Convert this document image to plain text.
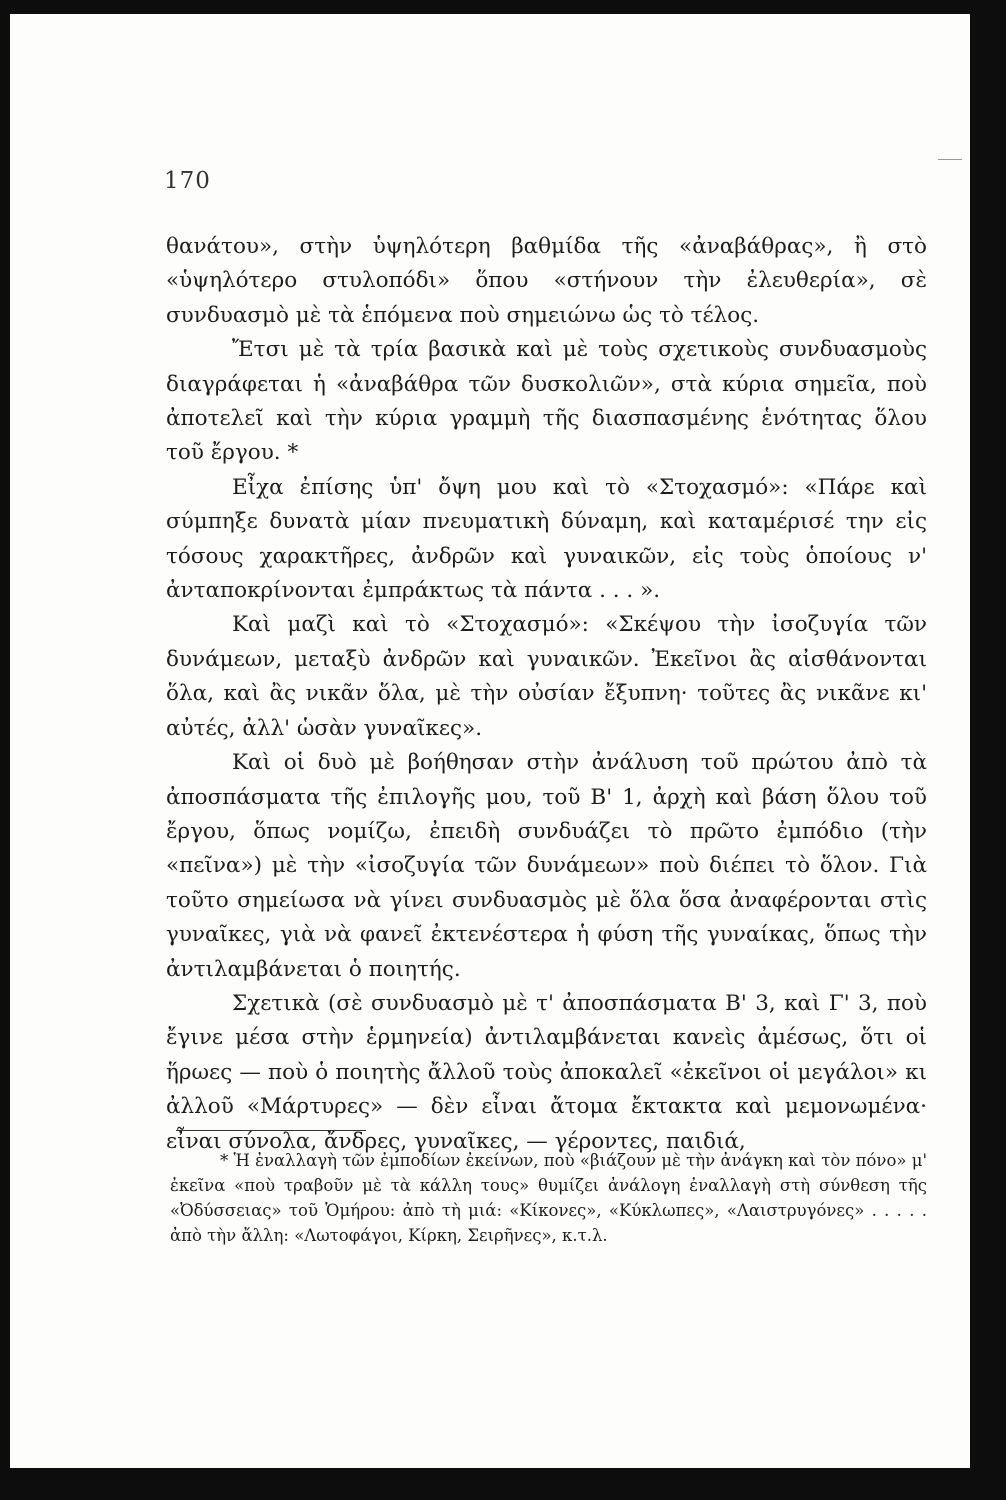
170

θανάτου», στὴν ὑψηλότερη βαθμίδα τῆς «ἀναβάθρας», ἢ στὸ «ὑψηλότερο στυλοπόδι» ὅπου «στήνουν τὴν ἐλευθερία», σὲ συνδυασμὸ μὲ τὰ ἑπόμενα ποὺ σημειώνω ὡς τὸ τέλος.

Ἔτσι μὲ τὰ τρία βασικὰ καὶ μὲ τοὺς σχετικοὺς συνδυασμοὺς διαγράφεται ἡ «ἀναβάθρα τῶν δυσκολιῶν», στὰ κύρια σημεῖα, ποὺ ἀποτελεῖ καὶ τὴν κύρια γραμμὴ τῆς διασπασμένης ἑνότητας ὅλου τοῦ ἔργου. *

Εἶχα ἐπίσης ὑπ' ὄψη μου καὶ τὸ «Στοχασμό»: «Πάρε καὶ σύμπηξε δυνατὰ μίαν πνευματικὴ δύναμη, καὶ καταμέρισέ την εἰς τόσους χαρακτῆρες, ἀνδρῶν καὶ γυναικῶν, εἰς τοὺς ὁποίους ν' ἀνταποκρίνονται ἐμπράκτως τὰ πάντα . . . ».

Καὶ μαζὶ καὶ τὸ «Στοχασμό»: «Σκέψου τὴν ἰσοζυγία τῶν δυνάμεων, μεταξὺ ἀνδρῶν καὶ γυναικῶν. Ἐκεῖνοι ἂς αἰσθάνονται ὅλα, καὶ ἂς νικᾶν ὅλα, μὲ τὴν οὐσίαν ἔξυπνη· τοῦτες ἂς νικᾶνε κι' αὐτές, ἀλλ' ὡσὰν γυναῖκες».

Καὶ οἱ δυὸ μὲ βοήθησαν στὴν ἀνάλυση τοῦ πρώτου ἀπὸ τὰ ἀποσπάσματα τῆς ἐπιλογῆς μου, τοῦ Β' 1, ἀρχὴ καὶ βάση ὅλου τοῦ ἔργου, ὅπως νομίζω, ἐπειδὴ συνδυάζει τὸ πρῶτο ἐμπόδιο (τὴν «πεῖνα») μὲ τὴν «ἰσοζυγία τῶν δυνάμεων» ποὺ διέπει τὸ ὅλον. Γιὰ τοῦτο σημείωσα νὰ γίνει συνδυασμὸς μὲ ὅλα ὅσα ἀναφέρονται στὶς γυναῖκες, γιὰ νὰ φανεῖ ἐκτενέστερα ἡ φύση τῆς γυναίκας, ὅπως τὴν ἀντιλαμβάνεται ὁ ποιητής.

Σχετικὰ (σὲ συνδυασμὸ μὲ τ' ἀποσπάσματα Β' 3, καὶ Γ' 3, ποὺ ἔγινε μέσα στὴν ἑρμηνεία) ἀντιλαμβάνεται κανεὶς ἀμέσως, ὅτι οἱ ἥρωες — ποὺ ὁ ποιητὴς ἄλλοῦ τοὺς ἀποκαλεῖ «ἐκεῖνοι οἱ μεγάλοι» κι ἀλλοῦ «Μάρτυρες» — δὲν εἶναι ἄτομα ἔκτακτα καὶ μεμονωμένα· εἶναι σύνολα, ἄνδρες, γυναῖκες, — γέροντες, παιδιά,

* Ἡ ἐναλλαγὴ τῶν ἐμποδίων ἐκείνων, ποὺ «βιάζουν μὲ τὴν ἀνάγκη καὶ τὸν πόνο» μ' ἐκεῖνα «ποὺ τραβοῦν μὲ τὰ κάλλη τους» θυμίζει ἀνάλογη ἐναλλαγὴ στὴ σύνθεση τῆς «Ὀδύσσειας» τοῦ Ὁμήρου: ἀπὸ τὴ μιά: «Κίκονες», «Κύκλωπες», «Λαιστρυγόνες» . . . . . ἀπὸ τὴν ἄλλη: «Λωτοφάγοι, Κίρκη, Σειρῆνες», κ.τ.λ.
